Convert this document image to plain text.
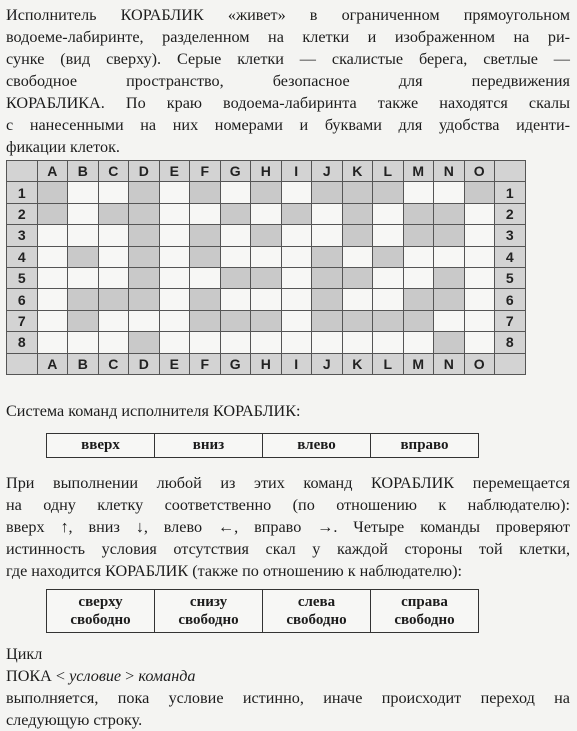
Исполнитель КОРАБЛИК «живет» в ограниченном прямоугольном
водоеме-лабиринте, разделенном на клетки и изображенном на ри-
сунке (вид сверху). Серые клетки — скалистые берега, светлые —
свободное пространство, безопасное для передвижения
КОРАБЛИКА. По краю водоема-лабиринта также находятся скалы
с нанесенными на них номерами и буквами для удобства иденти-
фикации клеток.
	A	B	C	D	E	F	G	H	I	J	K	L	M	N	O	
1																1
2																2
3																3
4																4
5																5
6																6
7																7
8																8
	A	B	C	D	E	F	G	H	I	J	K	L	M	N	O	

Система команд исполнителя КОРАБЛИК:

вверх	вниз	влево	вправо
При выполнении любой из этих команд КОРАБЛИК перемещается
на одну клетку соответственно (по отношению к наблюдателю):
вверх ↑, вниз ↓, влево ←, вправо →. Четыре команды проверяют
истинность условия отсутствия скал у каждой стороны той клетки,
где находится КОРАБЛИК (также по отношению к наблюдателю):
сверху
свободно	снизу
свободно	слева
свободно	справа
свободно
Цикл
ПОКА < условие > команда
выполняется, пока условие истинно, иначе происходит переход на
следующую строку.
